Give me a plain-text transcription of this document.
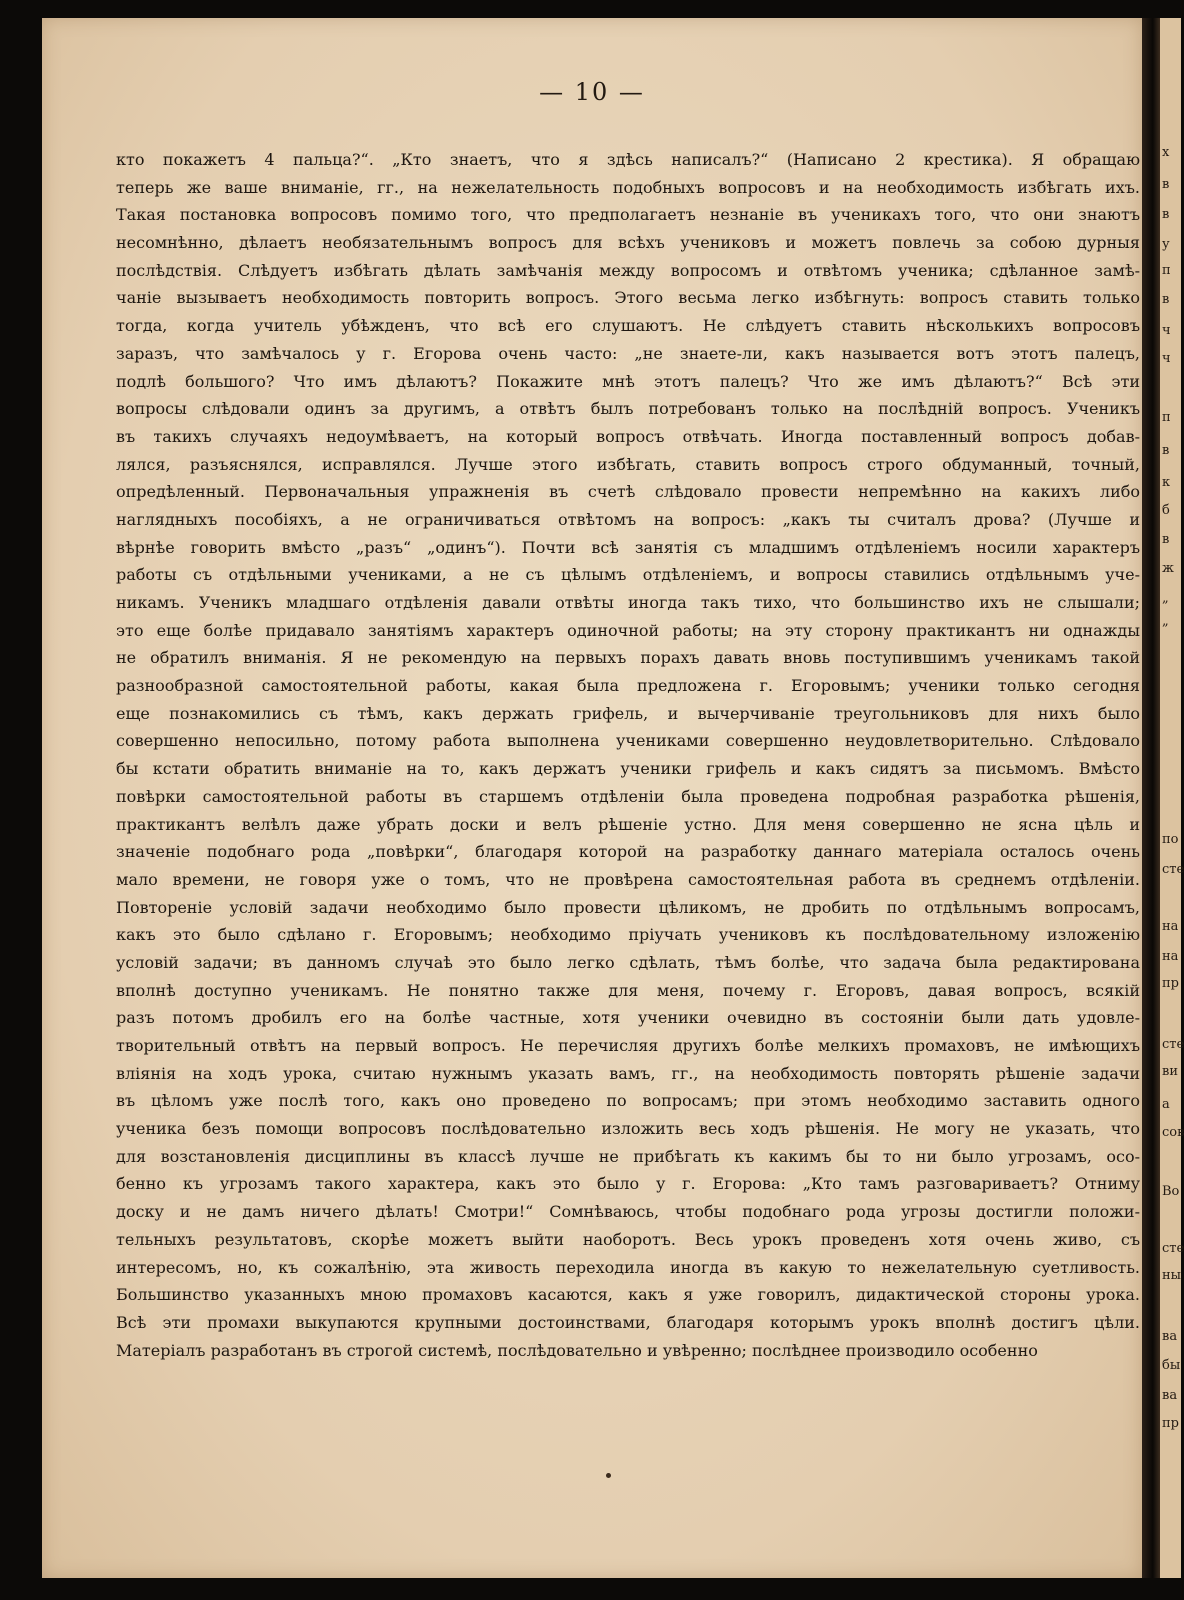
— 10 —
кто покажетъ 4 пальца?“. „Кто знаетъ, что я здѣсь написалъ?“ (Написано 2 крестика). Я обращаю
теперь же ваше вниманіе, гг., на нежелательность подобныхъ вопросовъ и на необходимость избѣгать ихъ.
Такая постановка вопросовъ помимо того, что предполагаетъ незнаніе въ ученикахъ того, что они знаютъ
несомнѣнно, дѣлаетъ необязательнымъ вопросъ для всѣхъ учениковъ и можетъ повлечь за собою дурныя
послѣдствія. Слѣдуетъ избѣгать дѣлать замѣчанія между вопросомъ и отвѣтомъ ученика; сдѣланное замѣ-
чаніе вызываетъ необходимость повторить вопросъ. Этого весьма легко избѣгнуть: вопросъ ставить только
тогда, когда учитель убѣжденъ, что всѣ его слушаютъ. Не слѣдуетъ ставить нѣсколькихъ вопросовъ
заразъ, что замѣчалось у г. Егорова очень часто: „не знаете-ли, какъ называется вотъ этотъ палецъ,
подлѣ большого? Что имъ дѣлаютъ? Покажите мнѣ этотъ палецъ? Что же имъ дѣлаютъ?“ Всѣ эти
вопросы слѣдовали одинъ за другимъ, а отвѣтъ былъ потребованъ только на послѣдній вопросъ. Ученикъ
въ такихъ случаяхъ недоумѣваетъ, на который вопросъ отвѣчать. Иногда поставленный вопросъ добав-
лялся, разъяснялся, исправлялся. Лучше этого избѣгать, ставить вопросъ строго обдуманный, точный,
опредѣленный. Первоначальныя упражненія въ счетѣ слѣдовало провести непремѣнно на какихъ либо
наглядныхъ пособіяхъ, а не ограничиваться отвѣтомъ на вопросъ: „какъ ты считалъ дрова? (Лучше и
вѣрнѣе говорить вмѣсто „разъ“ „одинъ“). Почти всѣ занятія съ младшимъ отдѣленіемъ носили характеръ
работы съ отдѣльными учениками, а не съ цѣлымъ отдѣленіемъ, и вопросы ставились отдѣльнымъ уче-
никамъ. Ученикъ младшаго отдѣленія давали отвѣты иногда такъ тихо, что большинство ихъ не слышали;
это еще болѣе придавало занятіямъ характеръ одиночной работы; на эту сторону практикантъ ни однажды
не обратилъ вниманія. Я не рекомендую на первыхъ порахъ давать вновь поступившимъ ученикамъ такой
разнообразной самостоятельной работы, какая была предложена г. Егоровымъ; ученики только сегодня
еще познакомились съ тѣмъ, какъ держать грифель, и вычерчиваніе треугольниковъ для нихъ было
совершенно непосильно, потому работа выполнена учениками совершенно неудовлетворительно. Слѣдовало
бы кстати обратить вниманіе на то, какъ держатъ ученики грифель и какъ сидятъ за письмомъ. Вмѣсто
повѣрки самостоятельной работы въ старшемъ отдѣленіи была проведена подробная разработка рѣшенія,
практикантъ велѣлъ даже убрать доски и велъ рѣшеніе устно. Для меня совершенно не ясна цѣль и
значеніе подобнаго рода „повѣрки“, благодаря которой на разработку даннаго матеріала осталось очень
мало времени, не говоря уже о томъ, что не провѣрена самостоятельная работа въ среднемъ отдѣленіи.
Повтореніе условій задачи необходимо было провести цѣликомъ, не дробить по отдѣльнымъ вопросамъ,
какъ это было сдѣлано г. Егоровымъ; необходимо пріучать учениковъ къ послѣдовательному изложенію
условій задачи; въ данномъ случаѣ это было легко сдѣлать, тѣмъ болѣе, что задача была редактирована
вполнѣ доступно ученикамъ. Не понятно также для меня, почему г. Егоровъ, давая вопросъ, всякій
разъ потомъ дробилъ его на болѣе частные, хотя ученики очевидно въ состояніи были дать удовле-
творительный отвѣтъ на первый вопросъ. Не перечисляя другихъ болѣе мелкихъ промаховъ, не имѣющихъ
вліянія на ходъ урока, считаю нужнымъ указать вамъ, гг., на необходимость повторять рѣшеніе задачи
въ цѣломъ уже послѣ того, какъ оно проведено по вопросамъ; при этомъ необходимо заставить одного
ученика безъ помощи вопросовъ послѣдовательно изложить весь ходъ рѣшенія. Не могу не указать, что
для возстановленія дисциплины въ классѣ лучше не прибѣгать къ какимъ бы то ни было угрозамъ, осо-
бенно къ угрозамъ такого характера, какъ это было у г. Егорова: „Кто тамъ разговариваетъ? Отниму
доску и не дамъ ничего дѣлать! Смотри!“ Сомнѣваюсь, чтобы подобнаго рода угрозы достигли положи-
тельныхъ результатовъ, скорѣе можетъ выйти наоборотъ. Весь урокъ проведенъ хотя очень живо, съ
интересомъ, но, къ сожалѣнію, эта живость переходила иногда въ какую то нежелательную суетливость.
Большинство указанныхъ мною промаховъ касаются, какъ я уже говорилъ, дидактической стороны урока.
Всѣ эти промахи выкупаются крупными достоинствами, благодаря которымъ урокъ вполнѣ достигъ цѣли.
Матеріалъ разработанъ въ строгой системѣ, послѣдовательно и увѣренно; послѣднее производило особенно
х
в
в
у
п
в
ч
ч
п
в
к
б
в
ж
„
„
по
сте
на
на
пр
сте
ви
а
сов
Во
сте
ны
ва
бы
ва
пр
